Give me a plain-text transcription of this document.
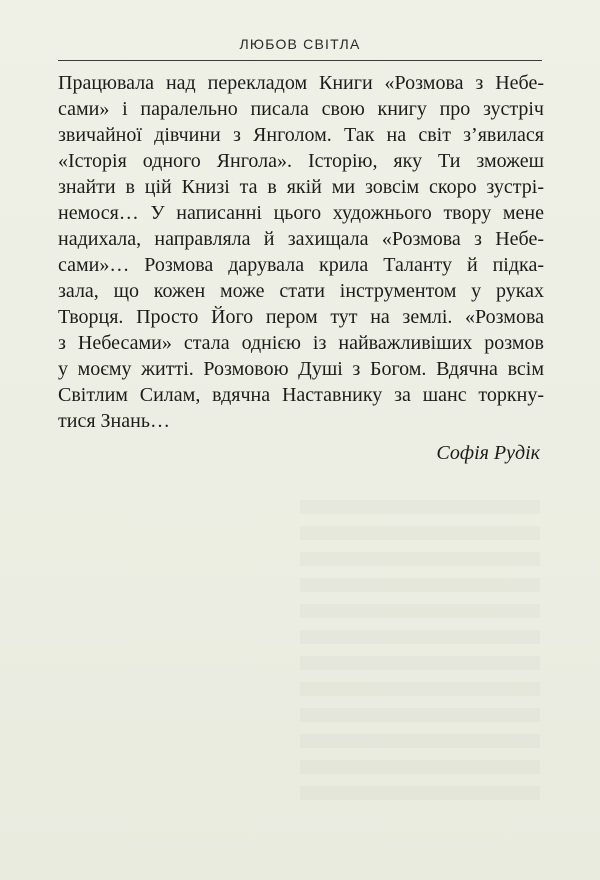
ЛЮБОВ СВІТЛА
Працювала над перекладом Книги «Розмова з Небе-
сами» і паралельно писала свою книгу про зустріч
звичайної дівчини з Янголом. Так на світ з’явилася
«Історія одного Янгола». Історію, яку Ти зможеш
знайти в цій Книзі та в якій ми зовсім скоро зустрі-
немося… У написанні цього художнього твору мене
надихала, направляла й захищала «Розмова з Небе-
сами»… Розмова дарувала крила Таланту й підка-
зала, що кожен може стати інструментом у руках
Творця. Просто Його пером тут на землі. «Розмова
з Небесами» стала однією із найважливіших розмов
у моєму житті. Розмовою Душі з Богом. Вдячна всім
Світлим Силам, вдячна Наставнику за шанс торкну-
тися Знань…
Софія Рудік
